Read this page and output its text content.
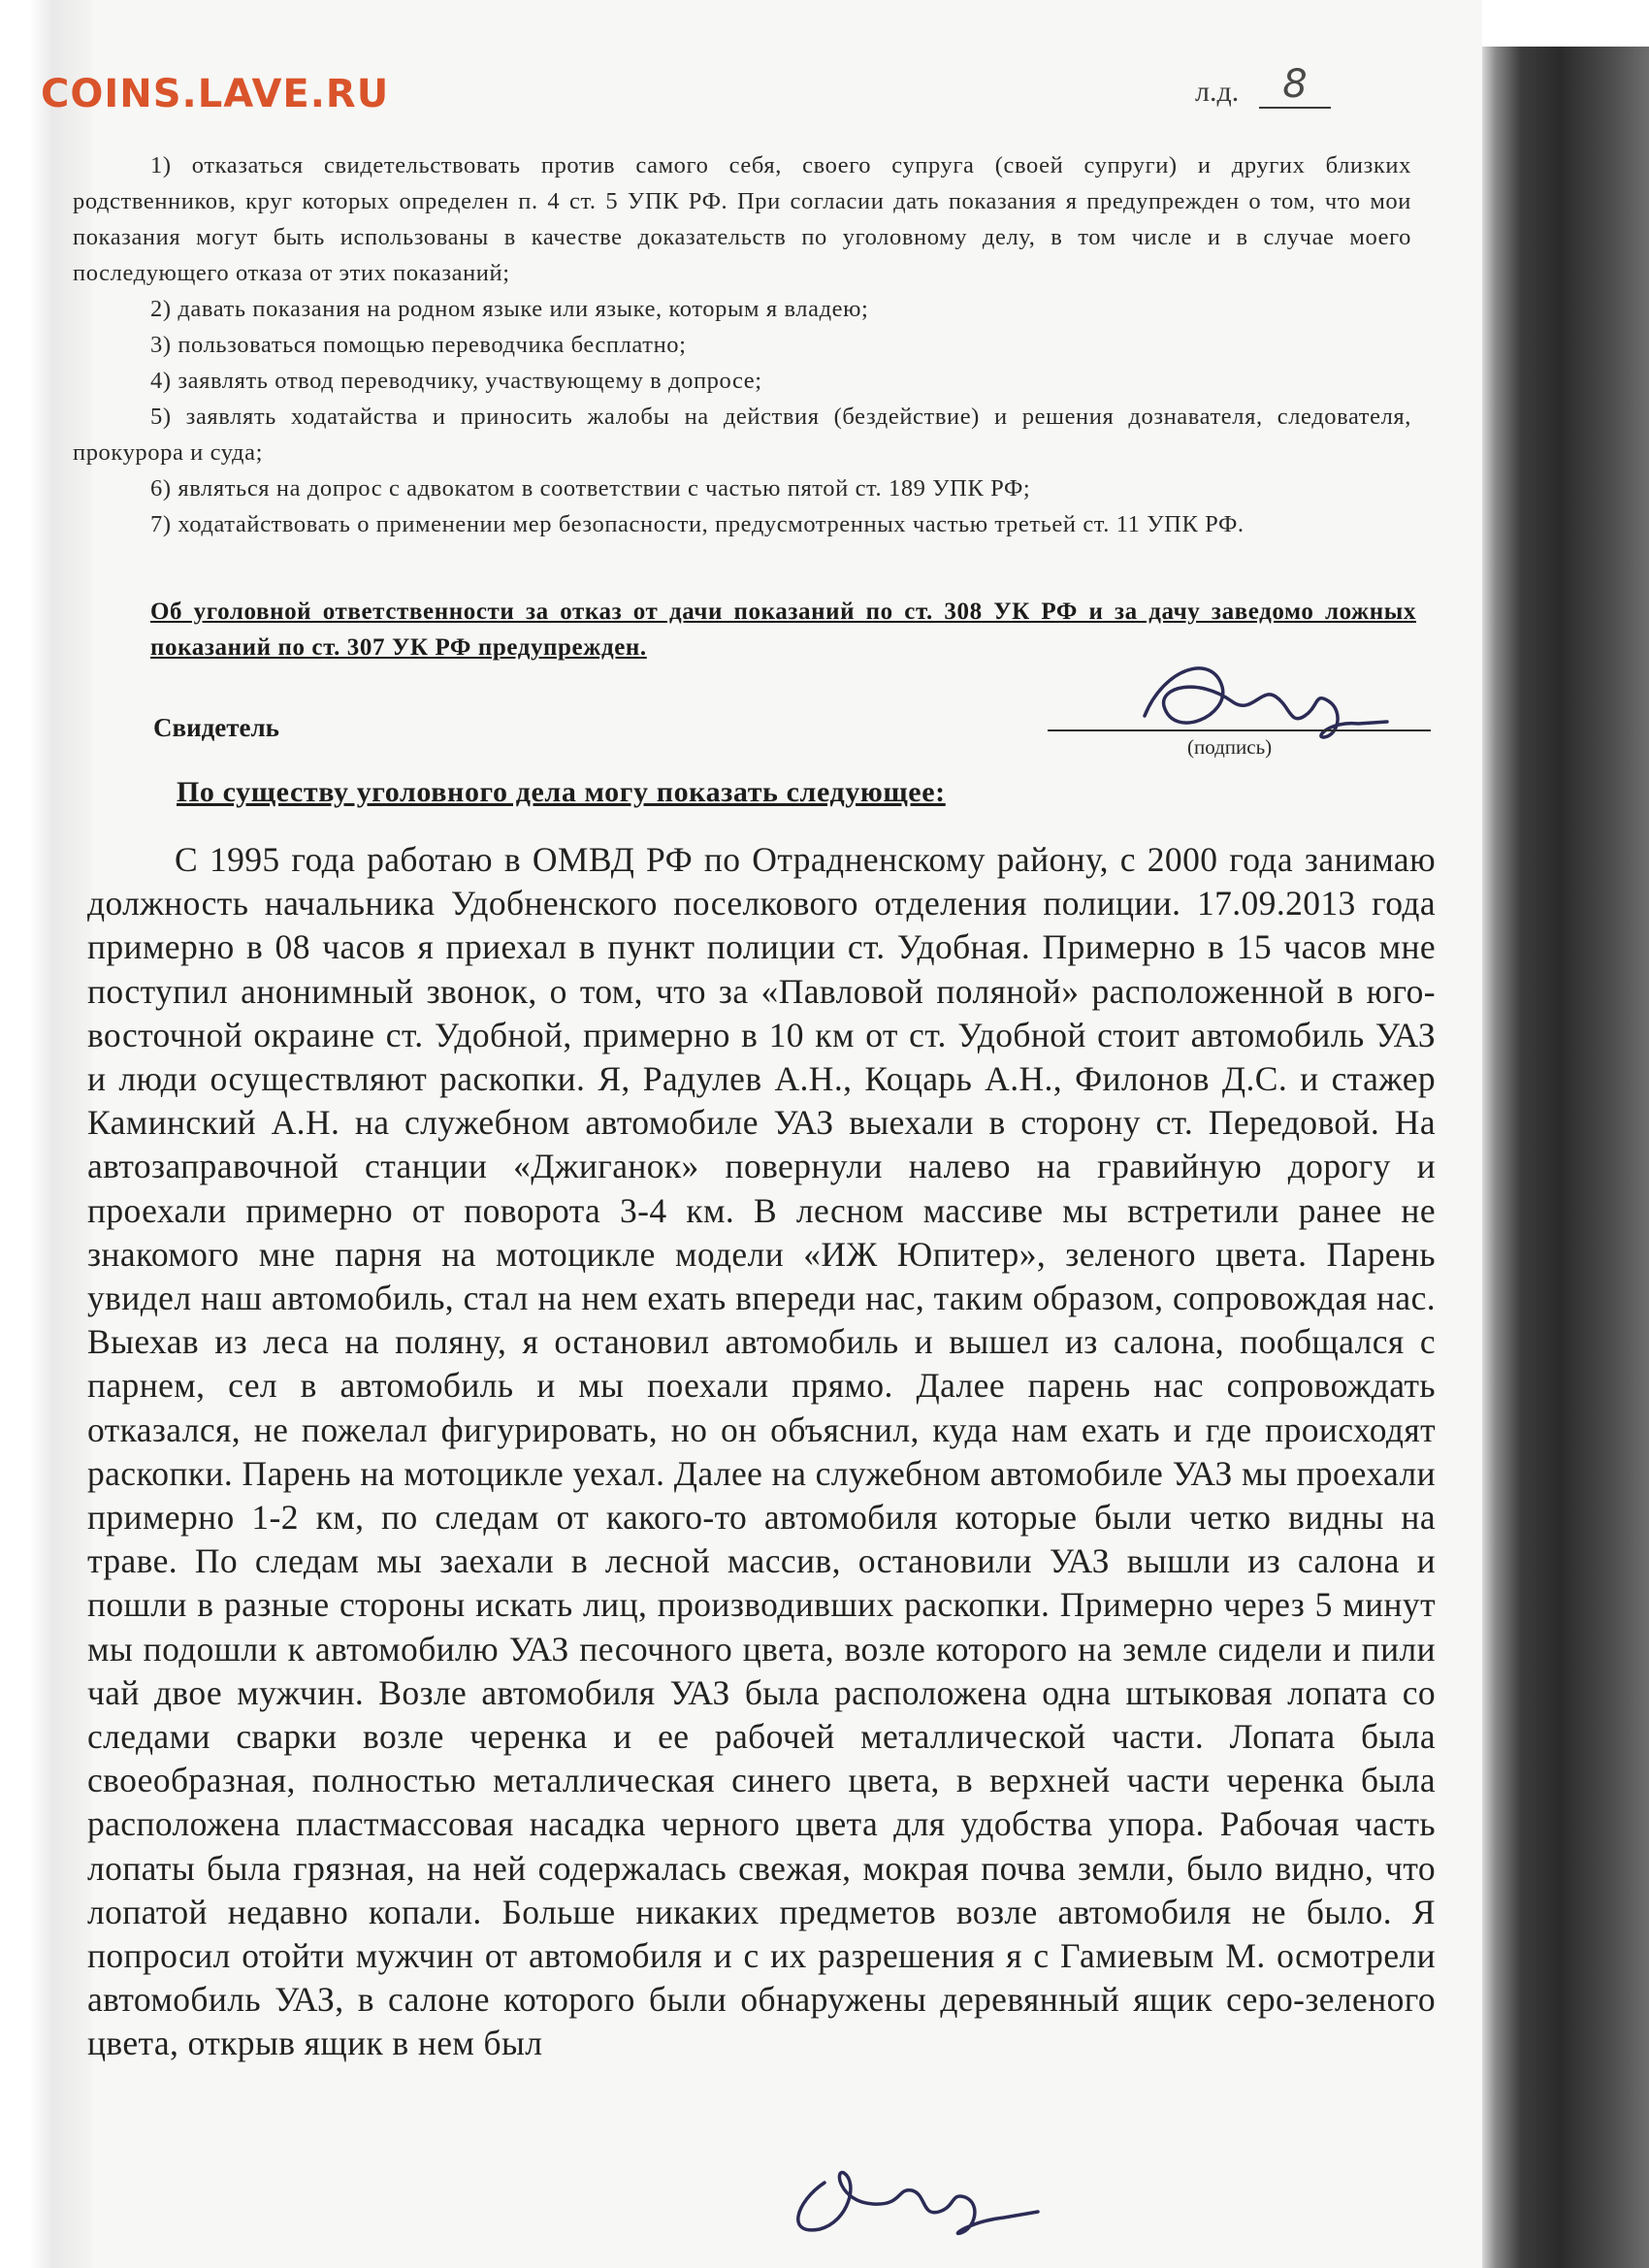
COINS.LAVE.RU	л.д.	8

1) отказаться свидетельствовать против самого себя, своего супруга (своей супруги) и других близких родственников, круг которых определен п. 4 ст. 5 УПК РФ. При согласии дать показания я предупрежден о том, что мои показания могут быть использованы в качестве доказательств по уголовному делу, в том числе и в случае моего последующего отказа от этих показаний;

2) давать показания на родном языке или языке, которым я владею;

3) пользоваться помощью переводчика бесплатно;

4) заявлять отвод переводчику, участвующему в допросе;

5) заявлять ходатайства и приносить жалобы на действия (бездействие) и решения дознавателя, следователя, прокурора и суда;

6) являться на допрос с адвокатом в соответствии с частью пятой ст. 189 УПК РФ;

7) ходатайствовать о применении мер безопасности, предусмотренных частью третьей ст. 11 УПК РФ.

Об уголовной ответственности за отказ от дачи показаний по ст. 308 УК РФ и за дачу заведомо ложных показаний по ст. 307 УК РФ предупрежден.
Свидетель
(подпись)
По существу уголовного дела могу показать следующее:

С 1995 года работаю в ОМВД РФ по Отрадненскому району, с 2000 года занимаю должность начальника Удобненского поселкового отделения полиции. 17.09.2013 года примерно в 08 часов я приехал в пункт полиции ст. Удобная. Примерно в 15 часов мне поступил анонимный звонок, о том, что за «Павловой поляной» расположенной в юго-восточной окраине ст. Удобной, примерно в 10 км от ст. Удобной стоит автомобиль УАЗ и люди осуществляют раскопки. Я, Радулев А.Н., Коцарь А.Н., Филонов Д.С. и стажер Каминский А.Н. на служебном автомобиле УАЗ выехали в сторону ст. Передовой. На автозаправочной станции «Джиганок» повернули налево на гравийную дорогу и проехали примерно от поворота 3-4 км. В лесном массиве мы встретили ранее не знакомого мне парня на мотоцикле модели «ИЖ Юпитер», зеленого цвета. Парень увидел наш автомобиль, стал на нем ехать впереди нас, таким образом, сопровождая нас. Выехав из леса на поляну, я остановил автомобиль и вышел из салона, пообщался с парнем, сел в автомобиль и мы поехали прямо. Далее парень нас сопровождать отказался, не пожелал фигурировать, но он объяснил, куда нам ехать и где происходят раскопки. Парень на мотоцикле уехал. Далее на служебном автомобиле УАЗ мы проехали примерно 1-2 км, по следам от какого-то автомобиля которые были четко видны на траве. По следам мы заехали в лесной массив, остановили УАЗ вышли из салона и пошли в разные стороны искать лиц, производивших раскопки. Примерно через 5 минут мы подошли к автомобилю УАЗ песочного цвета, возле которого на земле сидели и пили чай двое мужчин. Возле автомобиля УАЗ была расположена одна штыковая лопата со следами сварки возле черенка и ее рабочей металлической части. Лопата была своеобразная, полностью металлическая синего цвета, в верхней части черенка была расположена пластмассовая насадка черного цвета для удобства упора. Рабочая часть лопаты была грязная, на ней содержалась свежая, мокрая почва земли, было видно, что лопатой недавно копали. Больше никаких предметов возле автомобиля не было. Я попросил отойти мужчин от автомобиля и с их разрешения я с Гамиевым М. осмотрели автомобиль УАЗ, в салоне которого были обнаружены деревянный ящик серо-зеленого цвета, открыв ящик в нем был
